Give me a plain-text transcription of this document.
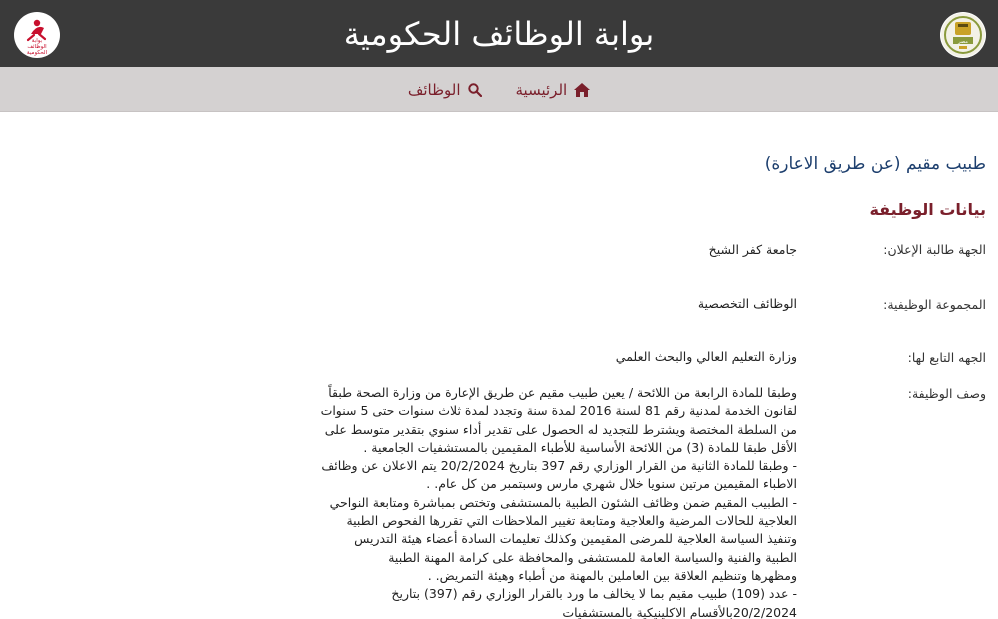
بوابة
الوظائف
الحكومية	بوابة الوظائف الحكومية	مصر
الرئيسية
الوظائف
طبيب مقيم (عن طريق الاعارة)
بيانات الوظيفة
الجهة طالبة الإعلان:
جامعة كفر الشيخ
المجموعة الوظيفية:
الوظائف التخصصية
الجهه التابع لها:
وزارة التعليم العالي والبحث العلمي
وصف الوظيفة:

وطبقا للمادة الرابعة من اللائحة / يعين طبيب مقيم عن طريق الإعارة من وزارة الصحة طبقاً

لقانون الخدمة لمدنية رقم 81 لسنة 2016 لمدة سنة وتجدد لمدة ثلاث سنوات حتى 5 سنوات

من السلطة المختصة ويشترط للتجديد له الحصول على تقدير أداء سنوي بتقدير متوسط على

الأقل طبقا للمادة (3) من اللائحة الأساسية للأطباء المقيمين بالمستشفيات الجامعية .

- وطبقا للمادة الثانية من القرار الوزاري رقم 397 بتاريخ 20/2/2024 يتم الاعلان عن وظائف

الاطباء المقيمين مرتين سنويا خلال شهري مارس وسبتمبر من كل عام. .

- الطبيب المقيم ضمن وظائف الشئون الطبية بالمستشفى وتختص بمباشرة ومتابعة النواحي

العلاجية للحالات المرضية والعلاجية ومتابعة تغيير الملاحظات التي تقررها الفحوص الطبية

وتنفيذ السياسة العلاجية للمرضى المقيمين وكذلك تعليمات السادة أعضاء هيئة التدريس

الطبية والفنية والسياسة العامة للمستشفى والمحافظة على كرامة المهنة الطبية

ومظهرها وتنظيم العلاقة بين العاملين بالمهنة من أطباء وهيئة التمريض. .

- عدد (109) طبيب مقيم بما لا يخالف ما ورد بالقرار الوزاري رقم (397) بتاريخ

20/2/2024بالأقسام الاكلينيكية بالمستشفيات
